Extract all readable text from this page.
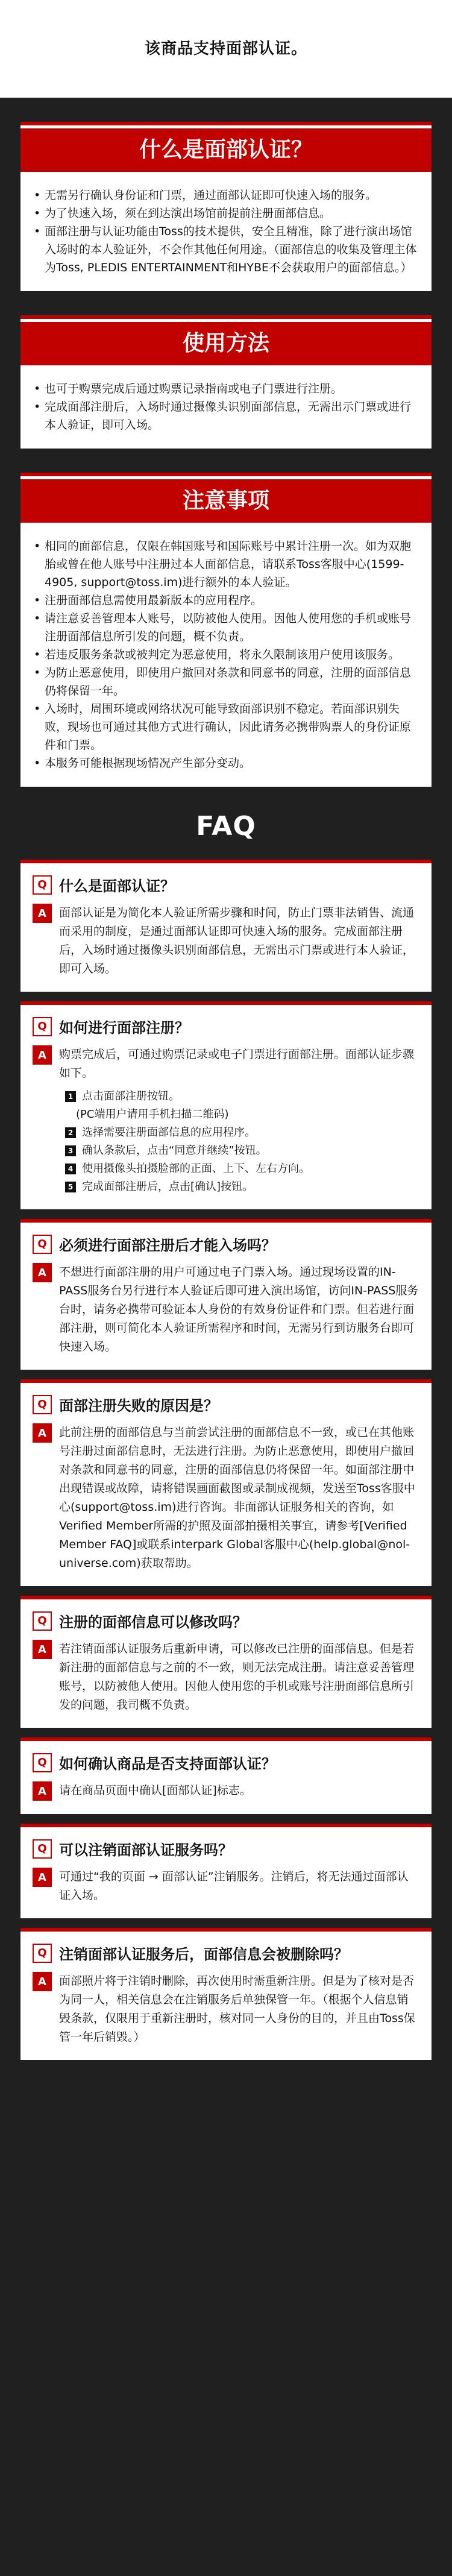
该商品支持面部认证。
什么是面部认证？
• 无需另行确认身份证和门票，通过面部认证即可快速入场的服务。
• 为了快速入场，须在到达演出场馆前提前注册面部信息。
• 面部注册与认证功能由Toss的技术提供，安全且精准，除了进行演出场馆入场时的本人验证外，不会作其他任何用途。（面部信息的收集及管理主体为Toss, PLEDIS ENTERTAINMENT和HYBE不会获取用户的面部信息。）
使用方法
• 也可于购票完成后通过购票记录指南或电子门票进行注册。
• 完成面部注册后，入场时通过摄像头识别面部信息，无需出示门票或进行本人验证，即可入场。
注意事项
• 相同的面部信息，仅限在韩国账号和国际账号中累计注册一次。如为双胞胎或曾在他人账号中注册过本人面部信息，请联系Toss客服中心(1599-4905, support@toss.im)进行额外的本人验证。
• 注册面部信息需使用最新版本的应用程序。
• 请注意妥善管理本人账号，以防被他人使用。因他人使用您的手机或账号注册面部信息所引发的问题，概不负责。
• 若违反服务条款或被判定为恶意使用，将永久限制该用户使用该服务。
• 为防止恶意使用，即使用户撤回对条款和同意书的同意，注册的面部信息仍将保留一年。
• 入场时，周围环境或网络状况可能导致面部识别不稳定。若面部识别失败，现场也可通过其他方式进行确认，因此请务必携带购票人的身份证原件和门票。
• 本服务可能根据现场情况产生部分变动。
FAQ
Q 什么是面部认证？
A	面部认证是为简化本人验证所需步骤和时间，防止门票非法销售、流通而采用的制度，是通过面部认证即可快速入场的服务。完成面部注册后，入场时通过摄像头识别面部信息，无需出示门票或进行本人验证，即可入场。
Q 如何进行面部注册？
A	购票完成后，可通过购票记录或电子门票进行面部注册。面部认证步骤如下。
1 点击面部注册按钮。
(PC端用户请用手机扫描二维码)
2 选择需要注册面部信息的应用程序。
3 确认条款后，点击“同意并继续”按钮。
4 使用摄像头拍摄脸部的正面、上下、左右方向。
5 完成面部注册后，点击[确认]按钮。
Q 必须进行面部注册后才能入场吗？
A	不想进行面部注册的用户可通过电子门票入场。通过现场设置的IN-PASS服务台另行进行本人验证后即可进入演出场馆，访问IN-PASS服务台时，请务必携带可验证本人身份的有效身份证件和门票。但若进行面部注册，则可简化本人验证所需程序和时间，无需另行到访服务台即可快速入场。
Q 面部注册失败的原因是？
A	此前注册的面部信息与当前尝试注册的面部信息不一致，或已在其他账号注册过面部信息时，无法进行注册。为防止恶意使用，即使用户撤回对条款和同意书的同意，注册的面部信息仍将保留一年。如面部注册中出现错误或故障，请将错误画面截图或录制成视频，发送至Toss客服中心(support@toss.im)进行咨询。非面部认证服务相关的咨询，如Verified Member所需的护照及面部拍摄相关事宜，请参考[Verified Member FAQ]或联系interpark Global客服中心(help.global@nol-universe.com)获取帮助。
Q 注册的面部信息可以修改吗？
A	若注销面部认证服务后重新申请，可以修改已注册的面部信息。但是若新注册的面部信息与之前的不一致，则无法完成注册。请注意妥善管理账号，以防被他人使用。因他人使用您的手机或账号注册面部信息所引发的问题，我司概不负责。
Q 如何确认商品是否支持面部认证？
A	请在商品页面中确认[面部认证]标志。
Q 可以注销面部认证服务吗？
A	可通过“我的页面 → 面部认证”注销服务。注销后，将无法通过面部认证入场。
Q 注销面部认证服务后，面部信息会被删除吗？
A	面部照片将于注销时删除，再次使用时需重新注册。但是为了核对是否为同一人，相关信息会在注销服务后单独保管一年。（根据个人信息销毁条款，仅限用于重新注册时，核对同一人身份的目的，并且由Toss保管一年后销毁。）
